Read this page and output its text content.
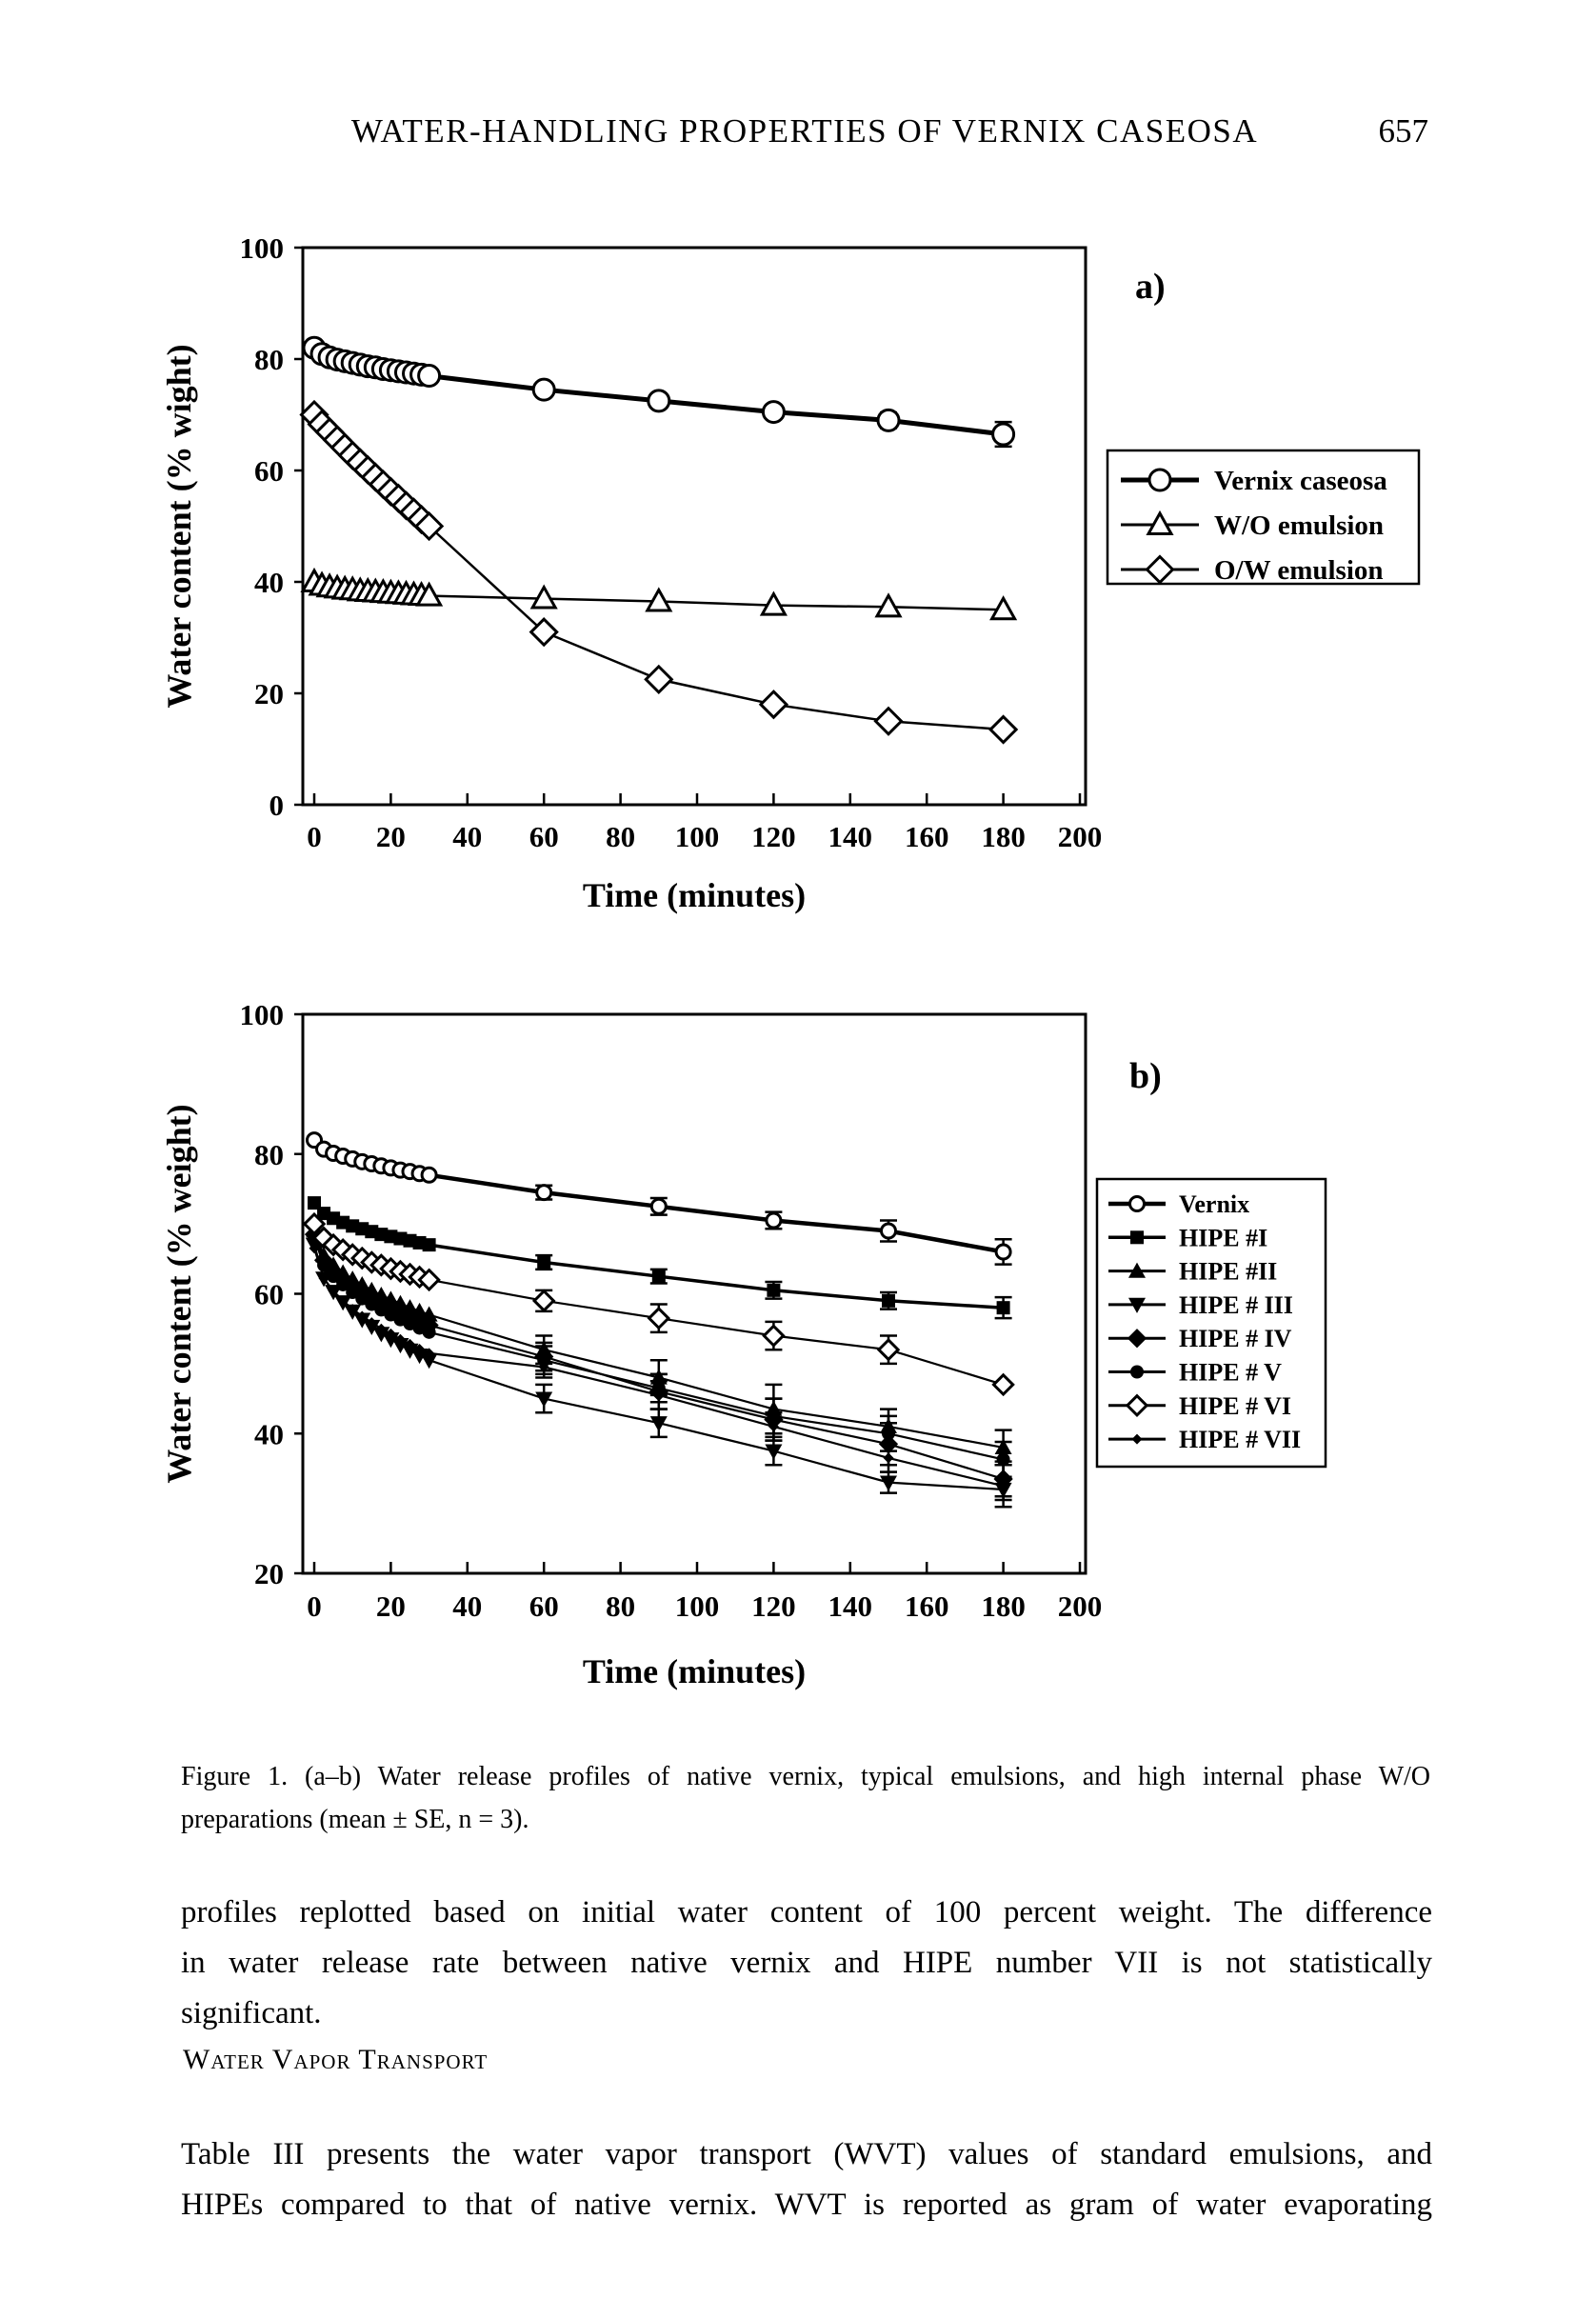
WATER-HANDLING PROPERTIES OF VERNIX CASEOSA	657
0 20 40 60 80 100 120 140 160 180 200
0
20
40
60
80
100
Time (minutes)
Water content (% wight)
a)
Vernix caseosa
W/O emulsion
O/W emulsion
0 20 40 60 80 100 120 140 160 180 200
20
40
60
80
100
Time (minutes)
Water content (% weight)
b)
Vernix
HIPE #I
HIPE #II
HIPE # III
HIPE # IV
HIPE # V
HIPE # VI
HIPE # VII
Figure 1. (a–b) Water release profiles of native vernix, typical emulsions, and high internal phase W/O
preparations (mean ± SE, n = 3).
profiles replotted based on initial water content of 100 percent weight. The difference
in water release rate between native vernix and HIPE number VII is not statistically
significant.
Water Vapor Transport
Table III presents the water vapor transport (WVT) values of standard emulsions, and
HIPEs compared to that of native vernix. WVT is reported as gram of water evaporating
